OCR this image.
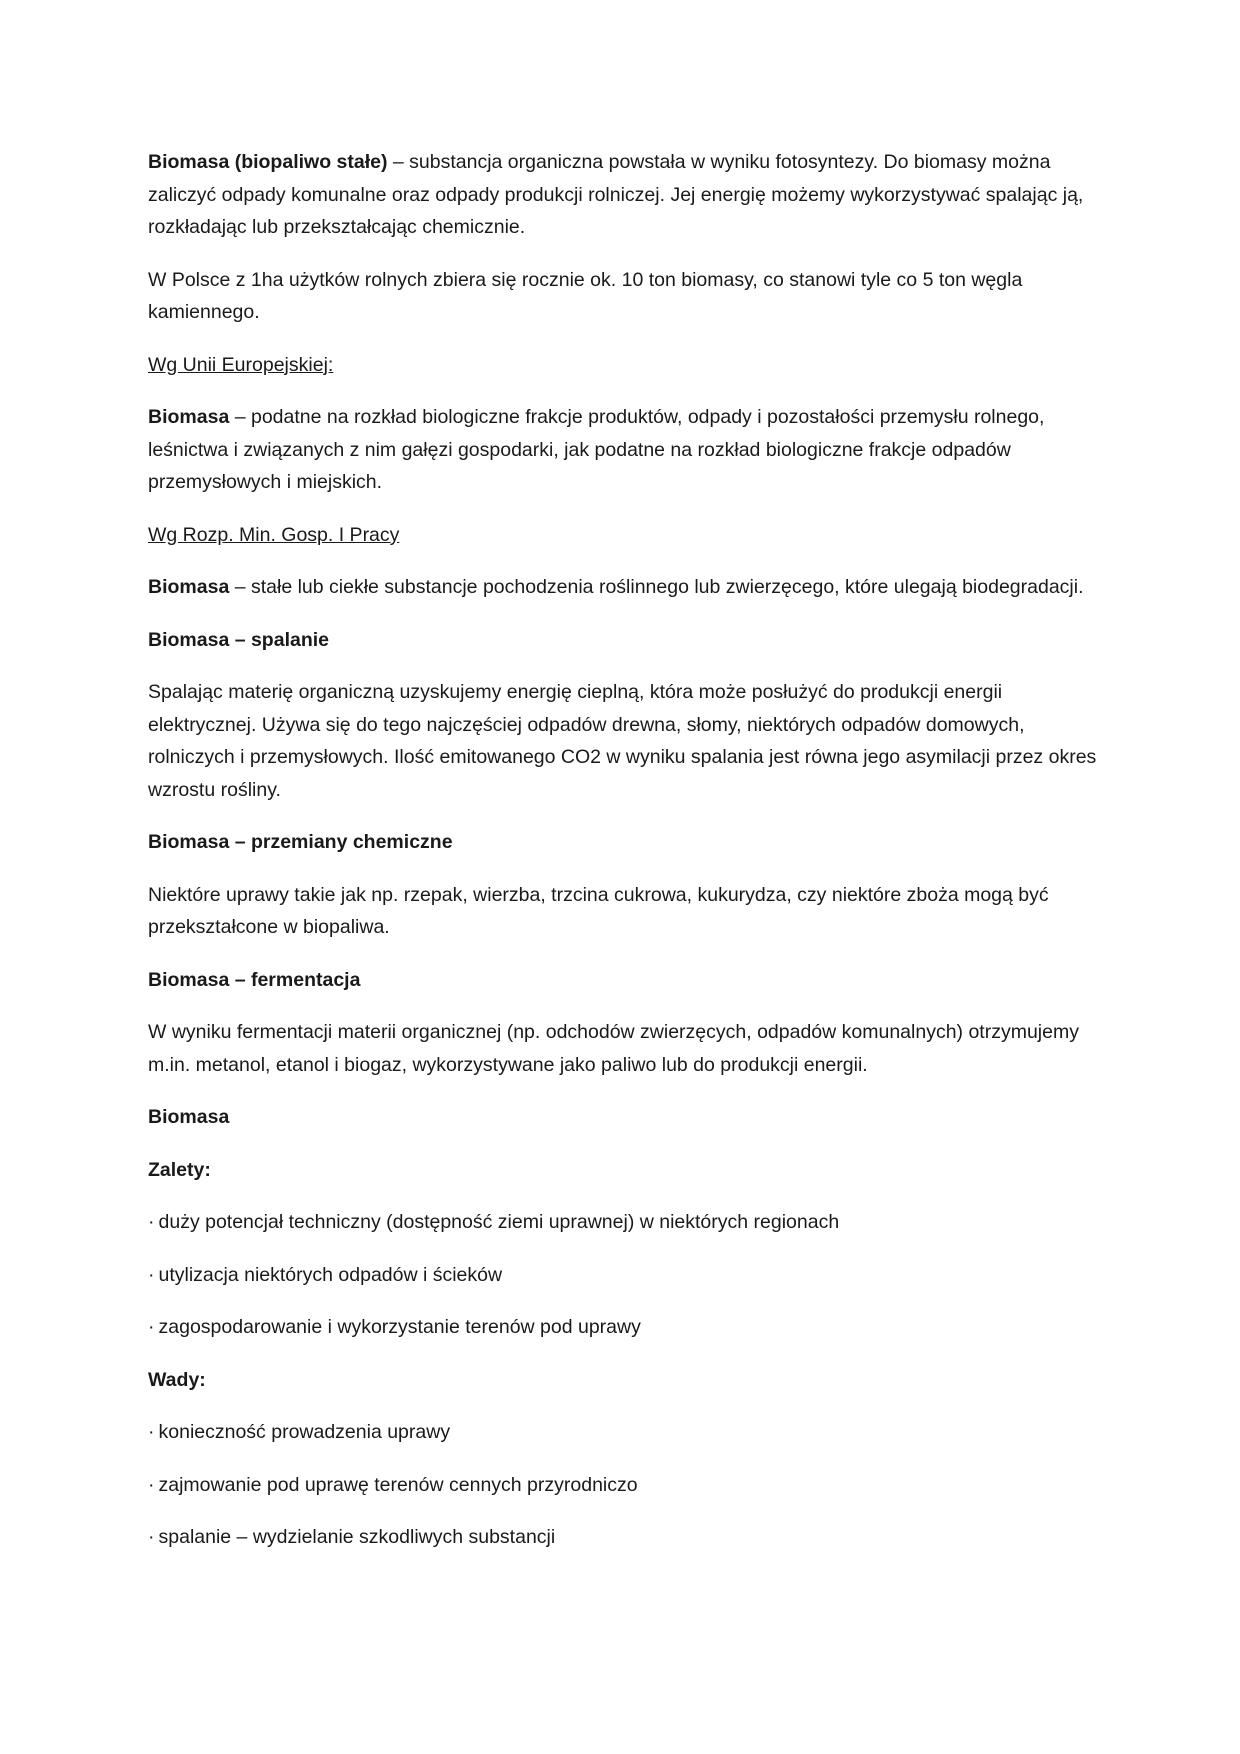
Biomasa (biopaliwo stałe) – substancja organiczna powstała w wyniku fotosyntezy. Do biomasy można zaliczyć odpady komunalne oraz odpady produkcji rolniczej. Jej energię możemy wykorzystywać spalając ją, rozkładając lub przekształcając chemicznie.

W Polsce z 1ha użytków rolnych zbiera się rocznie ok. 10 ton biomasy, co stanowi tyle co 5 ton węgla kamiennego.

Wg Unii Europejskiej:

Biomasa – podatne na rozkład biologiczne frakcje produktów, odpady i pozostałości przemysłu rolnego, leśnictwa i związanych z nim gałęzi gospodarki, jak podatne na rozkład biologiczne frakcje odpadów przemysłowych i miejskich.

Wg Rozp. Min. Gosp. I Pracy

Biomasa – stałe lub ciekłe substancje pochodzenia roślinnego lub zwierzęcego, które ulegają biodegradacji.

Biomasa – spalanie

Spalając materię organiczną uzyskujemy energię cieplną, która może posłużyć do produkcji energii elektrycznej. Używa się do tego najczęściej odpadów drewna, słomy, niektórych odpadów domowych, rolniczych i przemysłowych. Ilość emitowanego CO2 w wyniku spalania jest równa jego asymilacji przez okres wzrostu rośliny.

Biomasa – przemiany chemiczne

Niektóre uprawy takie jak np. rzepak, wierzba, trzcina cukrowa, kukurydza, czy niektóre zboża mogą być przekształcone w biopaliwa.

Biomasa – fermentacja

W wyniku fermentacji materii organicznej (np. odchodów zwierzęcych, odpadów komunalnych) otrzymujemy m.in. metanol, etanol i biogaz, wykorzystywane jako paliwo lub do produkcji energii.

Biomasa

Zalety:

· duży potencjał techniczny (dostępność ziemi uprawnej) w niektórych regionach

· utylizacja niektórych odpadów i ścieków

· zagospodarowanie i wykorzystanie terenów pod uprawy

Wady:

· konieczność prowadzenia uprawy

· zajmowanie pod uprawę terenów cennych przyrodniczo

· spalanie – wydzielanie szkodliwych substancji
